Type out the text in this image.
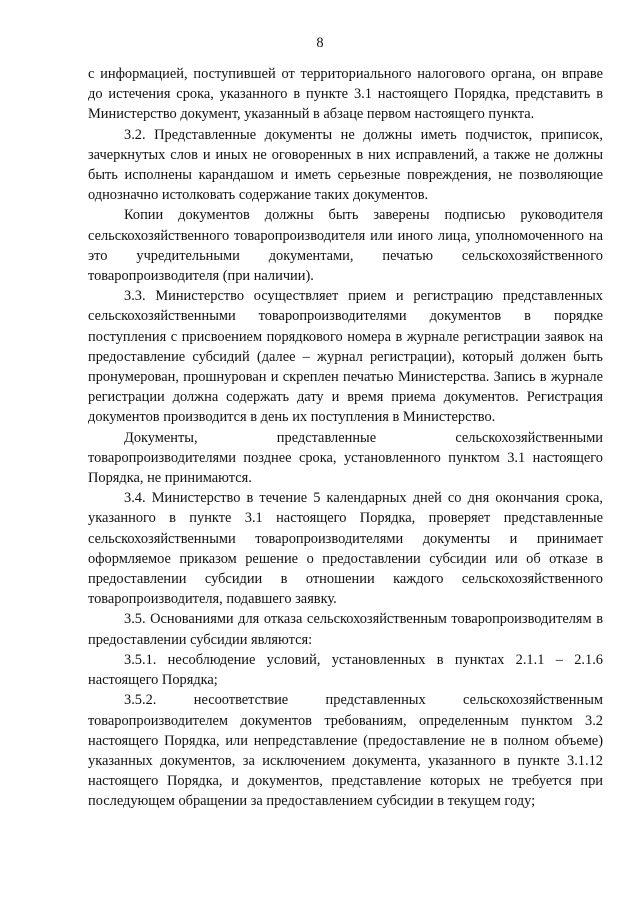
8

с информацией, поступившей от территориального налогового органа, он вправе до истечения срока, указанного в пункте 3.1 настоящего Порядка, представить в Министерство документ, указанный в абзаце первом настоящего пункта.

3.2. Представленные документы не должны иметь подчисток, приписок, зачеркнутых слов и иных не оговоренных в них исправлений, а также не должны быть исполнены карандашом и иметь серьезные повреждения, не позволяющие однозначно истолковать содержание таких документов.

Копии документов должны быть заверены подписью руководителя сельскохозяйственного товаропроизводителя или иного лица, уполномоченного на это учредительными документами, печатью сельскохозяйственного товаропроизводителя (при наличии).

3.3. Министерство осуществляет прием и регистрацию представленных сельскохозяйственными товаропроизводителями документов в порядке поступления с присвоением порядкового номера в журнале регистрации заявок на предоставление субсидий (далее – журнал регистрации), который должен быть пронумерован, прошнурован и скреплен печатью Министерства. Запись в журнале регистрации должна содержать дату и время приема документов. Регистрация документов производится в день их поступления в Министерство.

Документы, представленные сельскохозяйственными товаропроизводителями позднее срока, установленного пунктом 3.1 настоящего Порядка, не принимаются.

3.4. Министерство в течение 5 календарных дней со дня окончания срока, указанного в пункте 3.1 настоящего Порядка, проверяет представленные сельскохозяйственными товаропроизводителями документы и принимает оформляемое приказом решение о предоставлении субсидии или об отказе в предоставлении субсидии в отношении каждого сельскохозяйственного товаропроизводителя, подавшего заявку.

3.5. Основаниями для отказа сельскохозяйственным товаропроизводителям в предоставлении субсидии являются:

3.5.1. несоблюдение условий, установленных в пунктах 2.1.1 – 2.1.6 настоящего Порядка;

3.5.2. несоответствие представленных сельскохозяйственным товаропроизводителем документов требованиям, определенным пунктом 3.2 настоящего Порядка, или непредставление (предоставление не в полном объеме) указанных документов, за исключением документа, указанного в пункте 3.1.12 настоящего Порядка, и документов, представление которых не требуется при последующем обращении за предоставлением субсидии в текущем году;
